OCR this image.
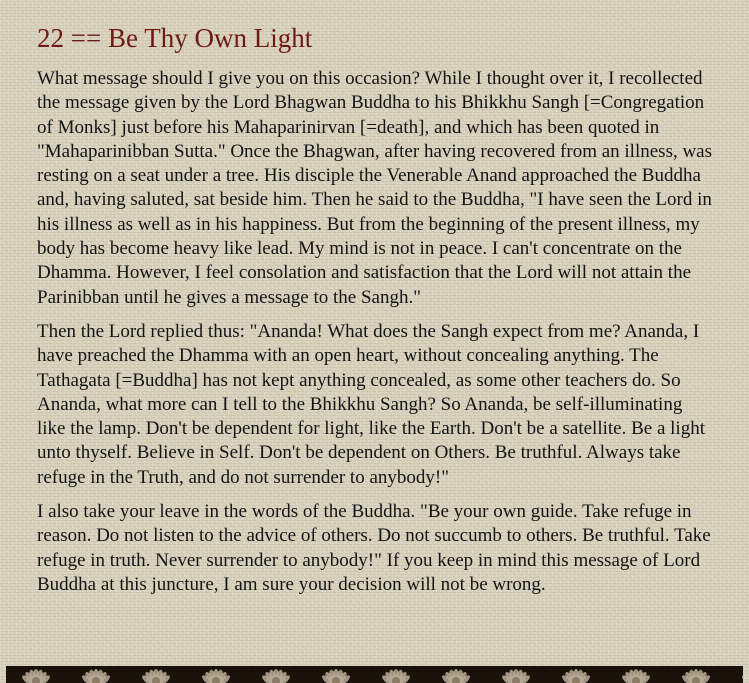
22 == Be Thy Own Light

What message should I give you on this occasion? While I thought over it, I recollected the message given by the Lord Bhagwan Buddha to his Bhikkhu Sangh [=Congregation of Monks] just before his Mahaparinirvan [=death], and which has been quoted in "Mahaparinibban Sutta." Once the Bhagwan, after having recovered from an illness, was resting on a seat under a tree. His disciple the Venerable Anand approached the Buddha and, having saluted, sat beside him. Then he said to the Buddha, "I have seen the Lord in his illness as well as in his happiness. But from the beginning of the present illness, my body has become heavy like lead. My mind is not in peace. I can't concentrate on the Dhamma. However, I feel consolation and satisfaction that the Lord will not attain the Parinibban until he gives a message to the Sangh."

Then the Lord replied thus: "Ananda! What does the Sangh expect from me? Ananda, I have preached the Dhamma with an open heart, without concealing anything. The Tathagata [=Buddha] has not kept anything concealed, as some other teachers do. So Ananda, what more can I tell to the Bhikkhu Sangh? So Ananda, be self-illuminating like the lamp. Don't be dependent for light, like the Earth. Don't be a satellite. Be a light unto thyself. Believe in Self. Don't be dependent on Others. Be truthful. Always take refuge in the Truth, and do not surrender to anybody!"

I also take your leave in the words of the Buddha. "Be your own guide. Take refuge in reason. Do not listen to the advice of others. Do not succumb to others. Be truthful. Take refuge in truth. Never surrender to anybody!" If you keep in mind this message of Lord Buddha at this juncture, I am sure your decision will not be wrong.
